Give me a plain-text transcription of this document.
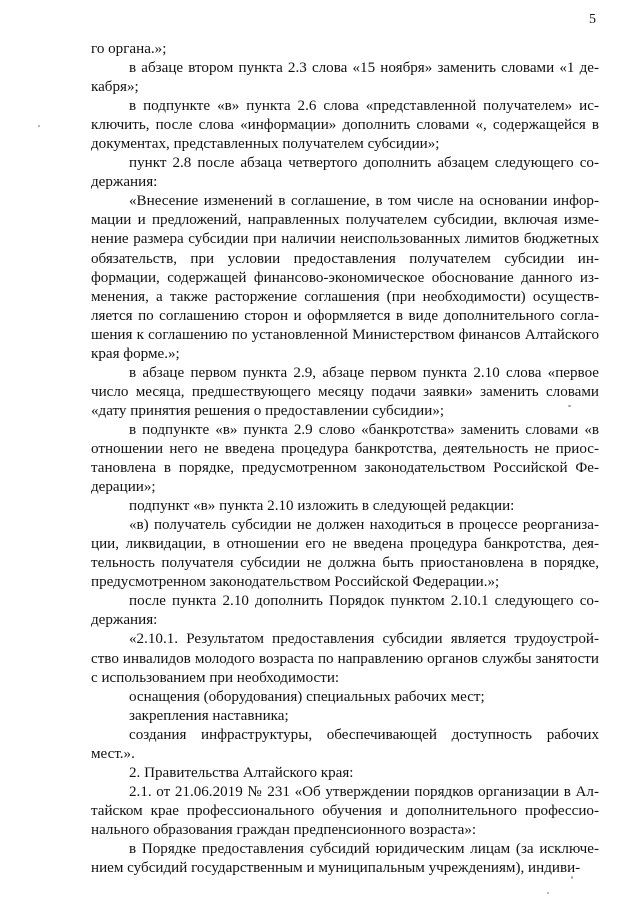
5

го органа.»;

в абзаце втором пункта 2.3 слова «15 ноября» заменить словами «1 декабря»;

в подпункте «в» пункта 2.6 слова «представленной получателем» исключить, после слова «информации» дополнить словами «, содержащейся в документах, представленных получателем субсидии»;

пункт 2.8 после абзаца четвертого дополнить абзацем следующего содержания:

«Внесение изменений в соглашение, в том числе на основании информации и предложений, направленных получателем субсидии, включая изменение размера субсидии при наличии неиспользованных лимитов бюджетных обязательств, при условии предоставления получателем субсидии информации, содержащей финансово-экономическое обоснование данного изменения, а также расторжение соглашения (при необходимости) осуществляется по соглашению сторон и оформляется в виде дополнительного соглашения к соглашению по установленной Министерством финансов Алтайского края форме.»;

в абзаце первом пункта 2.9, абзаце первом пункта 2.10 слова «первое число месяца, предшествующего месяцу подачи заявки» заменить словами «дату принятия решения о предоставлении субсидии»;

в подпункте «в» пункта 2.9 слово «банкротства» заменить словами «в отношении него не введена процедура банкротства, деятельность не приостановлена в порядке, предусмотренном законодательством Российской Федерации»;

подпункт «в» пункта 2.10 изложить в следующей редакции:

«в) получатель субсидии не должен находиться в процессе реорганизации, ликвидации, в отношении его не введена процедура банкротства, деятельность получателя субсидии не должна быть приостановлена в порядке, предусмотренном законодательством Российской Федерации.»;

после пункта 2.10 дополнить Порядок пунктом 2.10.1 следующего содержания:

«2.10.1. Результатом предоставления субсидии является трудоустройство инвалидов молодого возраста по направлению органов службы занятости с использованием при необходимости:

оснащения (оборудования) специальных рабочих мест;

закрепления наставника;

создания инфраструктуры, обеспечивающей доступность рабочих мест.».

2. Правительства Алтайского края:

2.1. от 21.06.2019 № 231 «Об утверждении порядков организации в Алтайском крае профессионального обучения и дополнительного профессионального образования граждан предпенсионного возраста»:

в Порядке предоставления субсидий юридическим лицам (за исключением субсидий государственным и муниципальным учреждениям), индиви-
